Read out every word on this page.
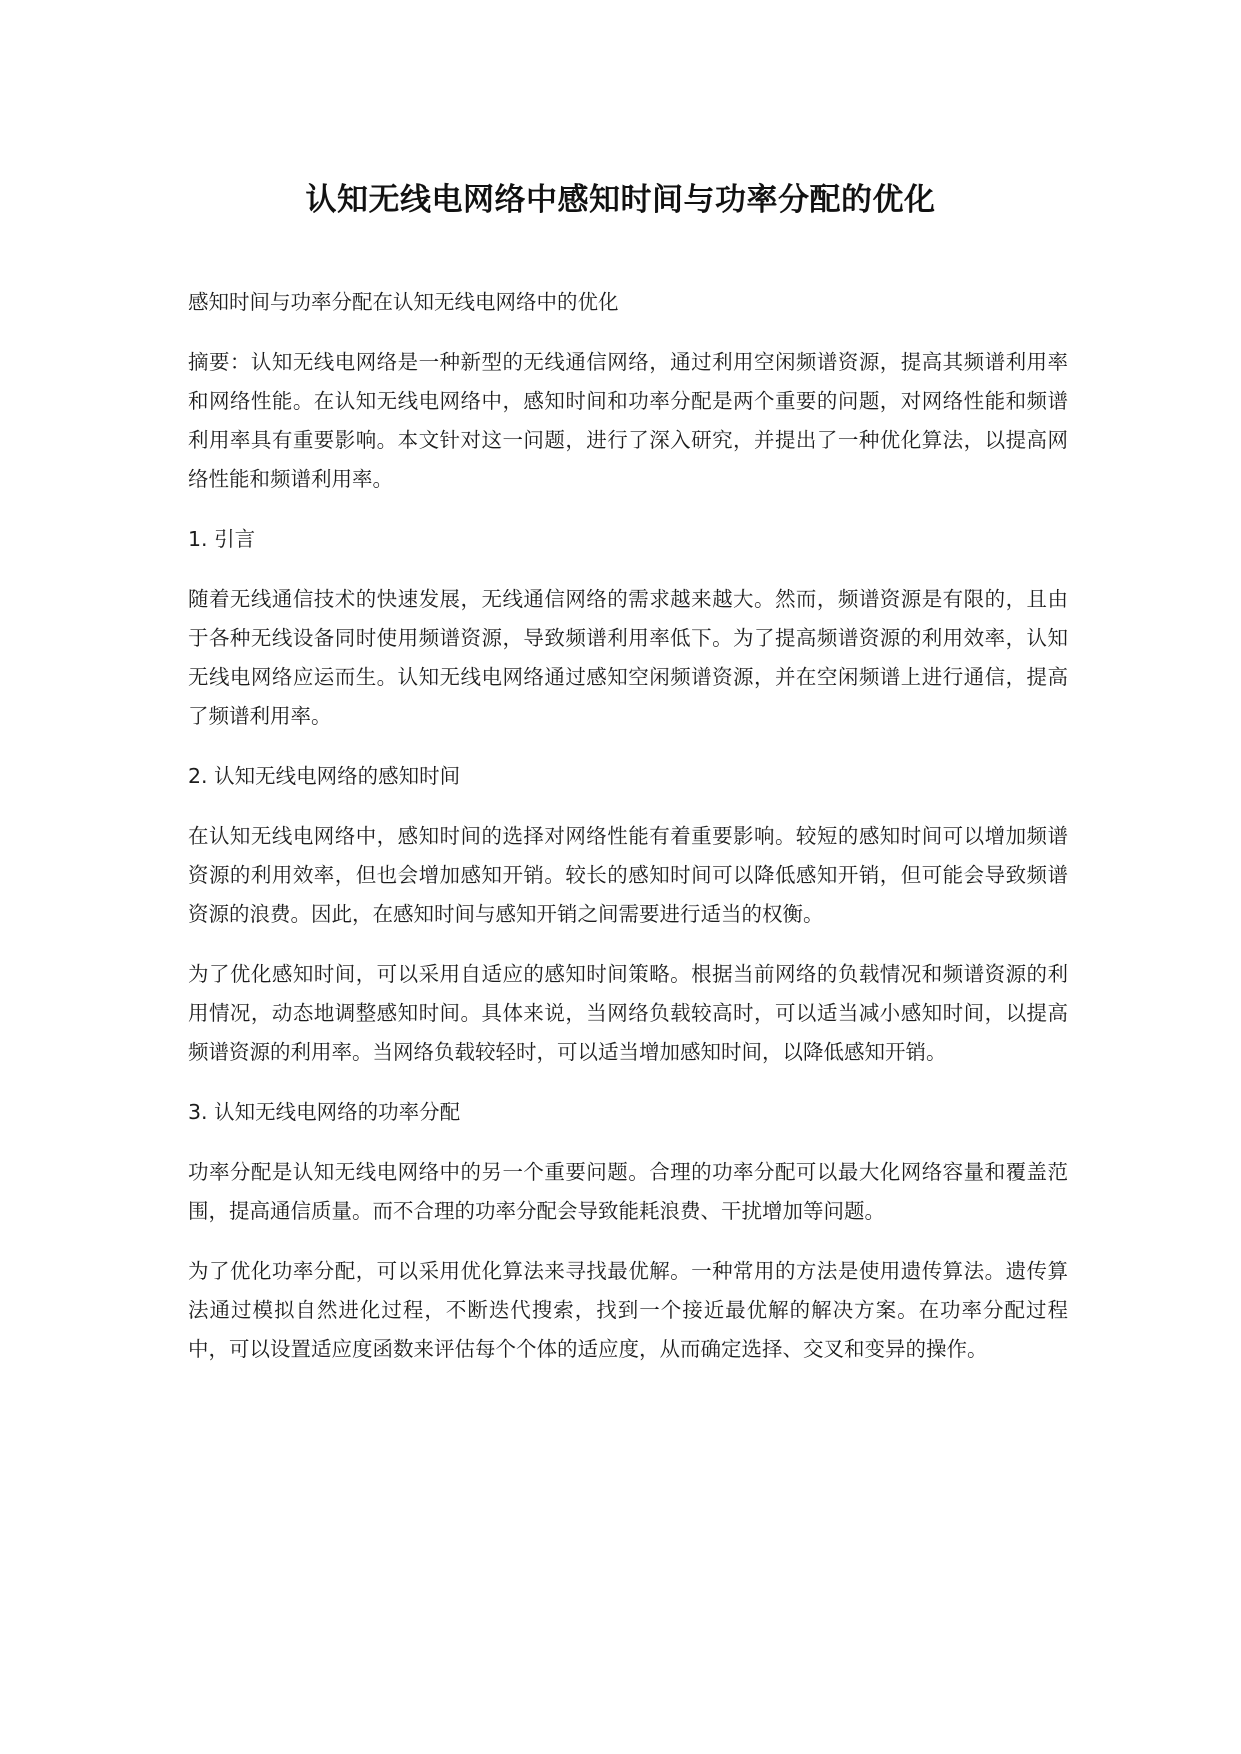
认知无线电网络中感知时间与功率分配的优化

感知时间与功率分配在认知无线电网络中的优化

摘要：认知无线电网络是一种新型的无线通信网络，通过利用空闲频谱资源，提高其频谱利用率和网络性能。在认知无线电网络中，感知时间和功率分配是两个重要的问题，对网络性能和频谱利用率具有重要影响。本文针对这一问题，进行了深入研究，并提出了一种优化算法，以提高网络性能和频谱利用率。

1. 引言

随着无线通信技术的快速发展，无线通信网络的需求越来越大。然而，频谱资源是有限的，且由于各种无线设备同时使用频谱资源，导致频谱利用率低下。为了提高频谱资源的利用效率，认知无线电网络应运而生。认知无线电网络通过感知空闲频谱资源，并在空闲频谱上进行通信，提高了频谱利用率。

2. 认知无线电网络的感知时间

在认知无线电网络中，感知时间的选择对网络性能有着重要影响。较短的感知时间可以增加频谱资源的利用效率，但也会增加感知开销。较长的感知时间可以降低感知开销，但可能会导致频谱资源的浪费。因此，在感知时间与感知开销之间需要进行适当的权衡。

为了优化感知时间，可以采用自适应的感知时间策略。根据当前网络的负载情况和频谱资源的利用情况，动态地调整感知时间。具体来说，当网络负载较高时，可以适当减小感知时间，以提高频谱资源的利用率。当网络负载较轻时，可以适当增加感知时间，以降低感知开销。

3. 认知无线电网络的功率分配

功率分配是认知无线电网络中的另一个重要问题。合理的功率分配可以最大化网络容量和覆盖范围，提高通信质量。而不合理的功率分配会导致能耗浪费、干扰增加等问题。

为了优化功率分配，可以采用优化算法来寻找最优解。一种常用的方法是使用遗传算法。遗传算法通过模拟自然进化过程，不断迭代搜索，找到一个接近最优解的解决方案。在功率分配过程中，可以设置适应度函数来评估每个个体的适应度，从而确定选择、交叉和变异的操作。
